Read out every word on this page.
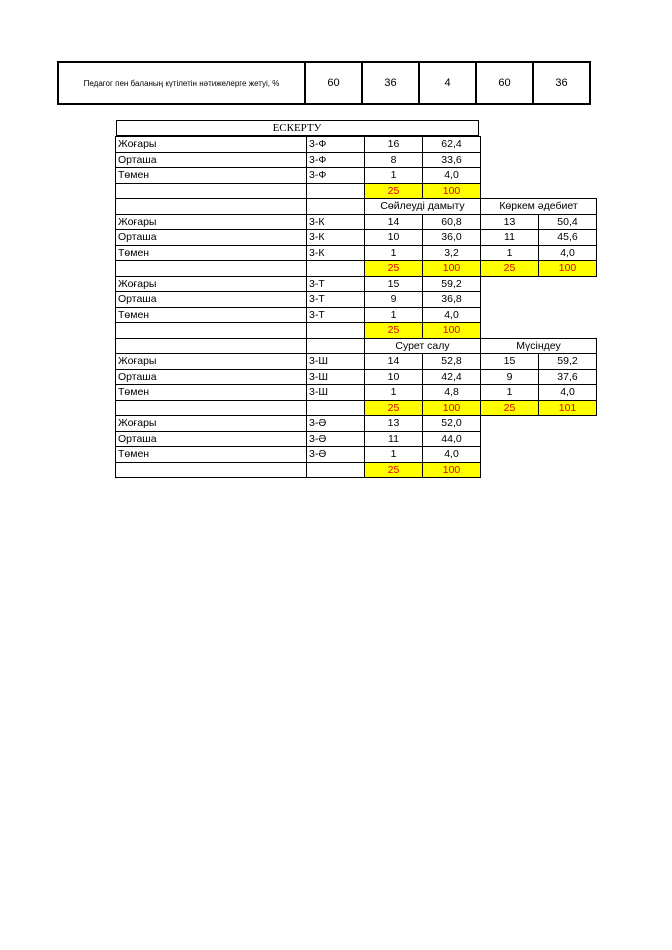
Педагог пен баланың күтілетін нәтижелерге жетуі, %	60	36	4	60	36
ЕСКЕРТУ					

Жоғары	3-Ф	16	62,4		
Орташа	3-Ф	8	33,6		
Төмен	3-Ф	1	4,0		
		25	100		
		Сөйлеуді дамыту		Көркем әдебиет	
Жоғары	3-К	14	60,8	13	50,4
Орташа	3-К	10	36,0	11	45,6
Төмен	3-К	1	3,2	1	4,0
		25	100	25	100
Жоғары	3-Т	15	59,2		
Орташа	3-Т	9	36,8		
Төмен	3-Т	1	4,0		
		25	100		
		Сурет салу		Мүсіндеу	
Жоғары	3-Ш	14	52,8	15	59,2
Орташа	3-Ш	10	42,4	9	37,6
Төмен	3-Ш	1	4,8	1	4,0
		25	100	25	101
Жоғары	3-Ә	13	52,0		
Орташа	3-Ә	11	44,0		
Төмен	3-Ә	1	4,0		
		25	100		
